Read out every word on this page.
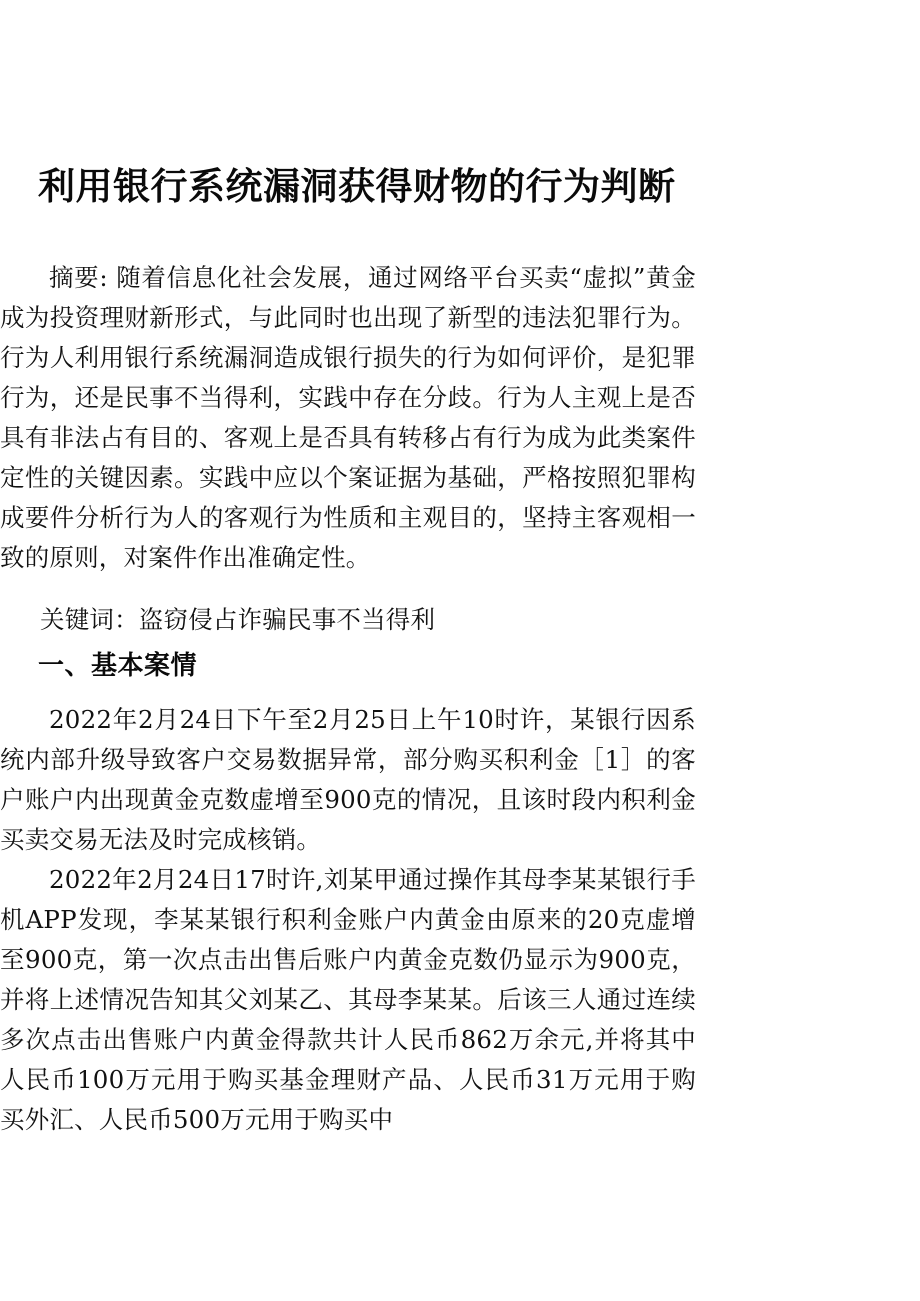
利用银行系统漏洞获得财物的行为判断

摘要: 随着信息化社会发展，通过网络平台买卖“虚拟”黄金成为投资理财新形式，与此同时也出现了新型的违法犯罪行为。行为人利用银行系统漏洞造成银行损失的行为如何评价，是犯罪行为，还是民事不当得利，实践中存在分歧。行为人主观上是否具有非法占有目的、客观上是否具有转移占有行为成为此类案件定性的关键因素。实践中应以个案证据为基础，严格按照犯罪构成要件分析行为人的客观行为性质和主观目的，坚持主客观相一致的原则，对案件作出准确定性。

关键词：盗窃侵占诈骗民事不当得利

一、基本案情

2022年2月24日下午至2月25日上午10时许，某银行因系统内部升级导致客户交易数据异常，部分购买积利金［1］的客户账户内出现黄金克数虚增至900克的情况，且该时段内积利金买卖交易无法及时完成核销。

2022年2月24日17时许,刘某甲通过操作其母李某某银行手机APP发现，李某某银行积利金账户内黄金由原来的20克虚增至900克，第一次点击出售后账户内黄金克数仍显示为900克，并将上述情况告知其父刘某乙、其母李某某。后该三人通过连续多次点击出售账户内黄金得款共计人民币862万余元,并将其中人民币100万元用于购买基金理财产品、人民币31万元用于购买外汇、人民币500万元用于购买中
